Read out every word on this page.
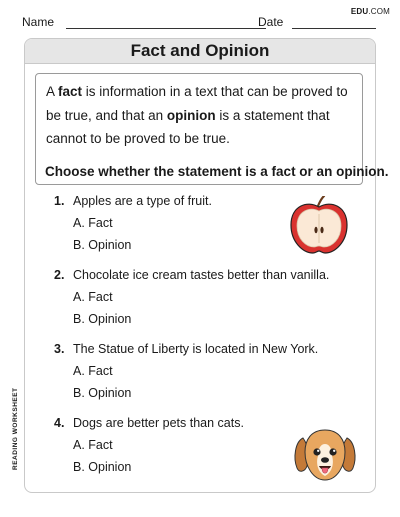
EDU.COM
Name	Date
READING WORKSHEET
Fact and Opinion
A fact is information in a text that can be proved to
be true, and that an opinion is a statement that
cannot to be proved to be true.
Choose whether the statement is a fact or an opinion.
1. Apples are a type of fruit.
A. Fact
B. Opinion
2. Chocolate ice cream tastes better than vanilla.
A. Fact
B. Opinion
3. The Statue of Liberty is located in New York.
A. Fact
B. Opinion
4. Dogs are better pets than cats.
A. Fact
B. Opinion
